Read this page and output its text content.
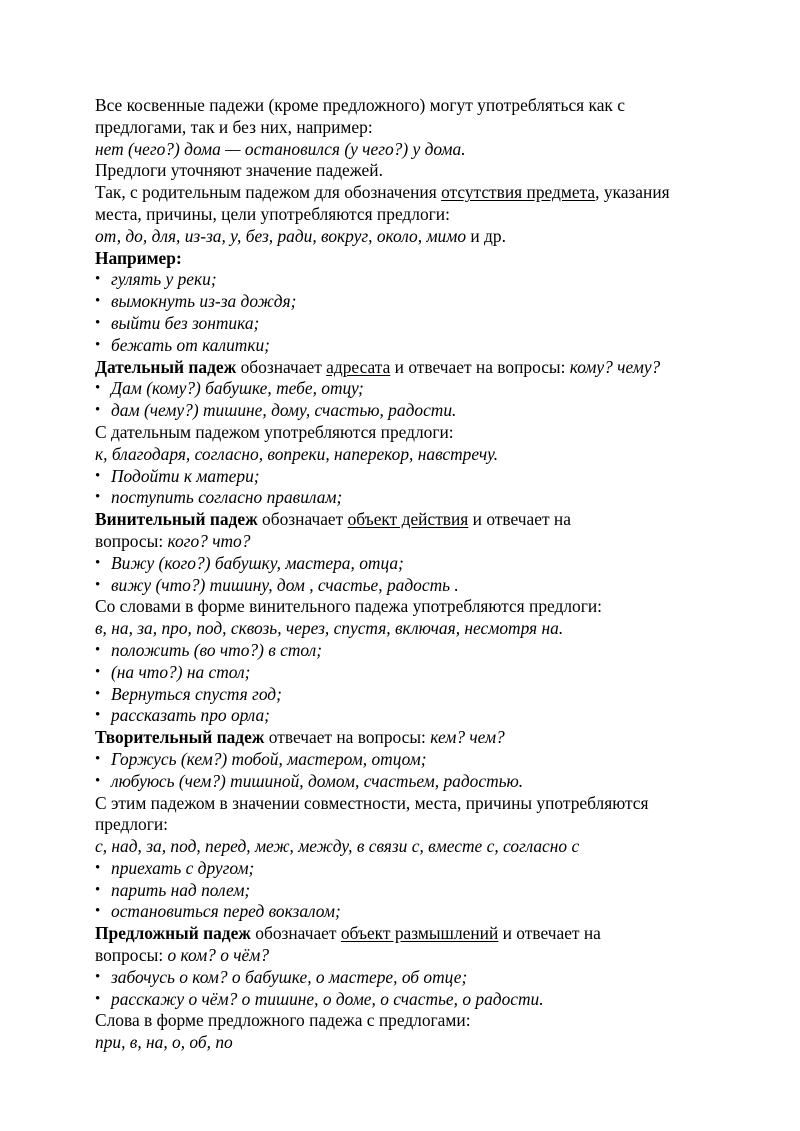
Все косвенные падежи (кроме предложного) могут употребляться как с
предлогами, так и без них, например:
нет (чего?) дома — остановился (у чего?) у дома.
Предлоги уточняют значение падежей.
Так, с родительным падежом для обозначения отсутствия предмета, указания
места, причины, цели употребляются предлоги:
от, до, для, из-за, у, без, ради, вокруг, около, мимо и др.
Например:
• гулять у реки;
• вымокнуть из-за дождя;
• выйти без зонтика;
• бежать от калитки;
Дательный падеж обозначает адресата и отвечает на вопросы: кому? чему?
• Дам (кому?) бабушке, тебе, отцу;
• дам (чему?) тишине, дому, счастью, радости.
С дательным падежом употребляются предлоги:
к, благодаря, согласно, вопреки, наперекор, навстречу.
• Подойти к матери;
• поступить согласно правилам;
Винительный падеж обозначает объект действия и отвечает на
вопросы: кого? что?
• Вижу (кого?) бабушку, мастера, отца;
• вижу (что?) тишину, дом , счастье, радость .
Со словами в форме винительного падежа употребляются предлоги:
в, на, за, про, под, сквозь, через, спустя, включая, несмотря на.
• положить (во что?) в стол;
• (на что?) на стол;
• Вернуться спустя год;
• рассказать про орла;
Творительный падеж отвечает на вопросы: кем? чем?
• Горжусь (кем?) тобой, мастером, отцом;
• любуюсь (чем?) тишиной, домом, счастьем, радостью.
С этим падежом в значении совместности, места, причины употребляются
предлоги:
с, над, за, под, перед, меж, между, в связи с, вместе с, согласно с
• приехать с другом;
• парить над полем;
• остановиться перед вокзалом;
Предложный падеж обозначает объект размышлений и отвечает на
вопросы: о ком? о чём?
• забочусь о ком? о бабушке, о мастере, об отце;
• расскажу о чём? о тишине, о доме, о счастье, о радости.
Слова в форме предложного падежа с предлогами:
при, в, на, о, об, по
